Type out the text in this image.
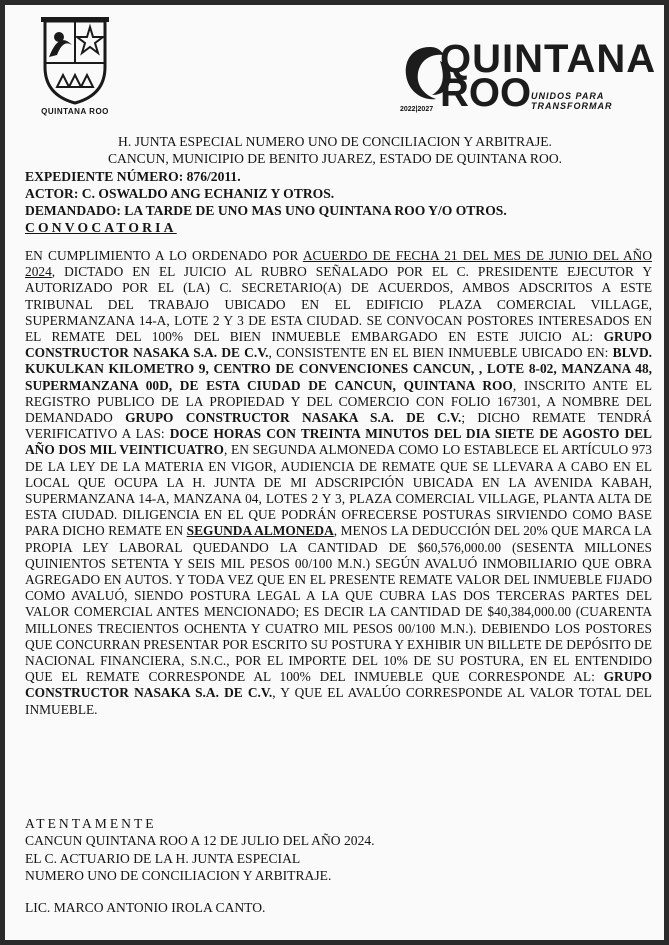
QUINTANA ROO
QUINTANA
ROO UNIDOS PARA
TRANSFORMAR
2022|2027
H. JUNTA ESPECIAL NUMERO UNO DE CONCILIACION Y ARBITRAJE.
CANCUN, MUNICIPIO DE BENITO JUAREZ, ESTADO DE QUINTANA ROO.
EXPEDIENTE NÚMERO: 876/2011.
ACTOR: C. OSWALDO ANG ECHANIZ Y OTROS.
DEMANDADO: LA TARDE DE UNO MAS UNO QUINTANA ROO Y/O OTROS.
CONVOCATORIA
EN CUMPLIMIENTO A LO ORDENADO POR ACUERDO DE FECHA 21 DEL MES DE JUNIO DEL AÑO 2024, DICTADO EN EL JUICIO AL RUBRO SEÑALADO POR EL C. PRESIDENTE EJECUTOR Y AUTORIZADO POR EL (LA) C. SECRETARIO(A) DE ACUERDOS, AMBOS ADSCRITOS A ESTE TRIBUNAL DEL TRABAJO UBICADO EN EL EDIFICIO PLAZA COMERCIAL VILLAGE, SUPERMANZANA 14-A, LOTE 2 Y 3 DE ESTA CIUDAD. SE CONVOCAN POSTORES INTERESADOS EN EL REMATE DEL 100% DEL BIEN INMUEBLE EMBARGADO EN ESTE JUICIO AL: GRUPO CONSTRUCTOR NASAKA S.A. DE C.V., CONSISTENTE EN EL BIEN INMUEBLE UBICADO EN: BLVD. KUKULKAN KILOMETRO 9, CENTRO DE CONVENCIONES CANCUN, , LOTE 8-02, MANZANA 48, SUPERMANZANA 00D, DE ESTA CIUDAD DE CANCUN, QUINTANA ROO, INSCRITO ANTE EL REGISTRO PUBLICO DE LA PROPIEDAD Y DEL COMERCIO CON FOLIO 167301, A NOMBRE DEL DEMANDADO GRUPO CONSTRUCTOR NASAKA S.A. DE C.V.; DICHO REMATE TENDRÁ VERIFICATIVO A LAS: DOCE HORAS CON TREINTA MINUTOS DEL DIA SIETE DE AGOSTO DEL AÑO DOS MIL VEINTICUATRO, EN SEGUNDA ALMONEDA COMO LO ESTABLECE EL ARTÍCULO 973 DE LA LEY DE LA MATERIA EN VIGOR, AUDIENCIA DE REMATE QUE SE LLEVARA A CABO EN EL LOCAL QUE OCUPA LA H. JUNTA DE MI ADSCRIPCIÓN UBICADA EN LA AVENIDA KABAH, SUPERMANZANA 14-A, MANZANA 04, LOTES 2 Y 3, PLAZA COMERCIAL VILLAGE, PLANTA ALTA DE ESTA CIUDAD. DILIGENCIA EN EL QUE PODRÁN OFRECERSE POSTURAS SIRVIENDO COMO BASE PARA DICHO REMATE EN SEGUNDA ALMONEDA, MENOS LA DEDUCCIÓN DEL 20% QUE MARCA LA PROPIA LEY LABORAL QUEDANDO LA CANTIDAD DE $60,576,000.00 (SESENTA MILLONES QUINIENTOS SETENTA Y SEIS MIL PESOS 00/100 M.N.) SEGÚN AVALUÓ INMOBILIARIO QUE OBRA AGREGADO EN AUTOS. Y TODA VEZ QUE EN EL PRESENTE REMATE VALOR DEL INMUEBLE FIJADO COMO AVALUÓ, SIENDO POSTURA LEGAL A LA QUE CUBRA LAS DOS TERCERAS PARTES DEL VALOR COMERCIAL ANTES MENCIONADO; ES DECIR LA CANTIDAD DE $40,384,000.00 (CUARENTA MILLONES TRECIENTOS OCHENTA Y CUATRO MIL PESOS 00/100 M.N.). DEBIENDO LOS POSTORES QUE CONCURRAN PRESENTAR POR ESCRITO SU POSTURA Y EXHIBIR UN BILLETE DE DEPÓSITO DE NACIONAL FINANCIERA, S.N.C., POR EL IMPORTE DEL 10% DE SU POSTURA, EN EL ENTENDIDO QUE EL REMATE CORRESPONDE AL 100% DEL INMUEBLE QUE CORRESPONDE AL: GRUPO CONSTRUCTOR NASAKA S.A. DE C.V., Y QUE EL AVALÚO CORRESPONDE AL VALOR TOTAL DEL INMUEBLE.
ATENTAMENTE
CANCUN QUINTANA ROO A 12 DE JULIO DEL AÑO 2024.
EL C. ACTUARIO DE LA H. JUNTA ESPECIAL
NUMERO UNO DE CONCILIACION Y ARBITRAJE.
LIC. MARCO ANTONIO IROLA CANTO.
